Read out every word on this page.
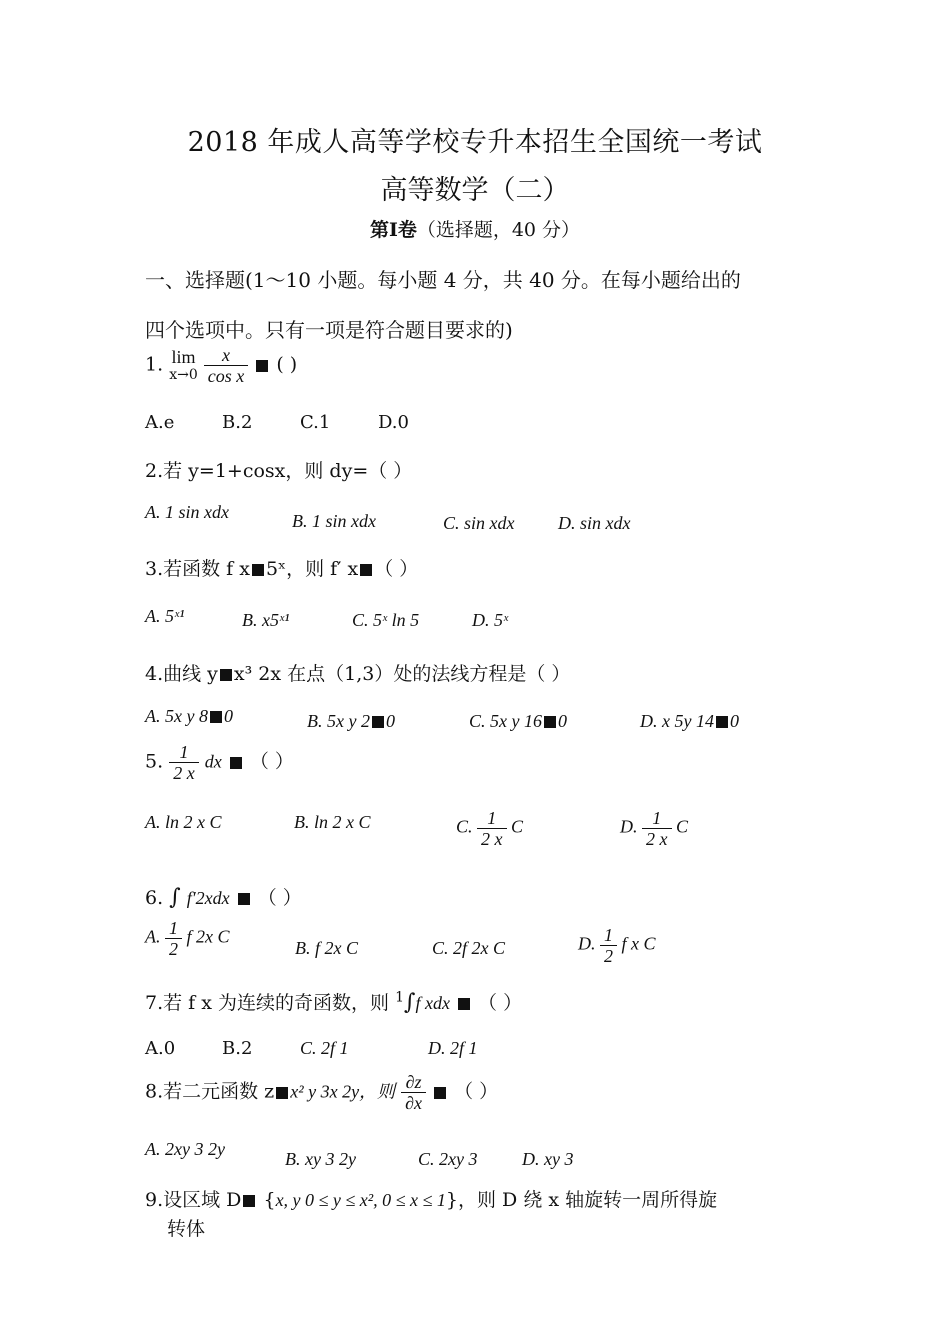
2018 年成人高等学校专升本招生全国统一考试
高等数学（二）
第Ⅰ卷（选择题，40 分）
一、选择题(1～10 小题。每小题 4 分，共 40 分。在每小题给出的
四个选项中。只有一项是符合题目要求的)
1. lim
$x\to 0 \frac{x}{\text{cos x}}$ ( )
A.e	B.2	C.1	D.0
2.若 y=1+cosx，则 dy=（ ）
A. 1 sin xdx	B. 1 sin xdx	C. sin xdx D. sin xdx
3.若函数 f x 5ˣ，则 f′ x （ ）
A. 5ˣ¹	B. x5ˣ¹	C. 5ˣ ln 5	D. 5ˣ
4.曲线 y x³ 2x 在点（1,3）处的法线方程是（ ）
A. 5x y 8 0	B. 5x y 2 0	C. 5x y 16 0	D. x 5y 14 0
5. $\frac{1}{2 x}$ dx （ ）
A. ln 2 x C	B. ln 2 x C	C. $\frac{1}{2 x}$ C	D. $\frac{1}{2 x}$ C
6. ∫ f′2xdx （ ）
A. $\frac{1}{2}$ f 2x C
B. f 2x C	C. 2f 2x C	D. $\frac{1}{2}$ f x C
7.若 f x 为连续的奇函数，则 $^1$∫f xdx （ ）
A.0	B.2	C. 2f 1	D. 2f 1
8.若二元函数 z x² y 3x 2y，则 $\frac{\partial z}{\partial x}$ （ ）
A. 2xy 3 2y	B. xy 3 2y	C. 2xy 3 D. xy 3
9.设区域 D {x, y 0 ≤ y ≤ x², 0 ≤ x ≤ 1}，则 D 绕 x 轴旋转一周所得旋
转体
